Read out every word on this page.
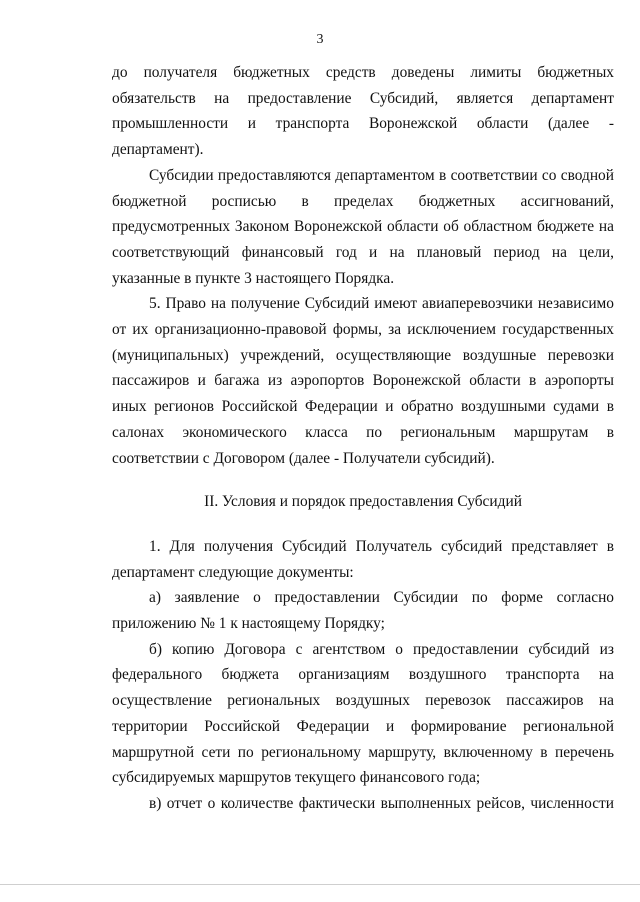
3

до получателя бюджетных средств доведены лимиты бюджетных обязательств на предоставление Субсидий, является департамент промышленности и транспорта Воронежской области (далее - департамент).

Субсидии предоставляются департаментом в соответствии со сводной бюджетной росписью в пределах бюджетных ассигнований, предусмотренных Законом Воронежской области об областном бюджете на соответствующий финансовый год и на плановый период на цели, указанные в пункте 3 настоящего Порядка.

5. Право на получение Субсидий имеют авиаперевозчики независимо от их организационно-правовой формы, за исключением государственных (муниципальных) учреждений, осуществляющие воздушные перевозки пассажиров и багажа из аэропортов Воронежской области в аэропорты иных регионов Российской Федерации и обратно воздушными судами в салонах экономического класса по региональным маршрутам в соответствии с Договором (далее - Получатели субсидий).

II. Условия и порядок предоставления Субсидий

1. Для получения Субсидий Получатель субсидий представляет в департамент следующие документы:

а) заявление о предоставлении Субсидии по форме согласно приложению № 1 к настоящему Порядку;

б) копию Договора с агентством о предоставлении субсидий из федерального бюджета организациям воздушного транспорта на осуществление региональных воздушных перевозок пассажиров на территории Российской Федерации и формирование региональной маршрутной сети по региональному маршруту, включенному в перечень субсидируемых маршрутов текущего финансового года;

в) отчет о количестве фактически выполненных рейсов, численности
